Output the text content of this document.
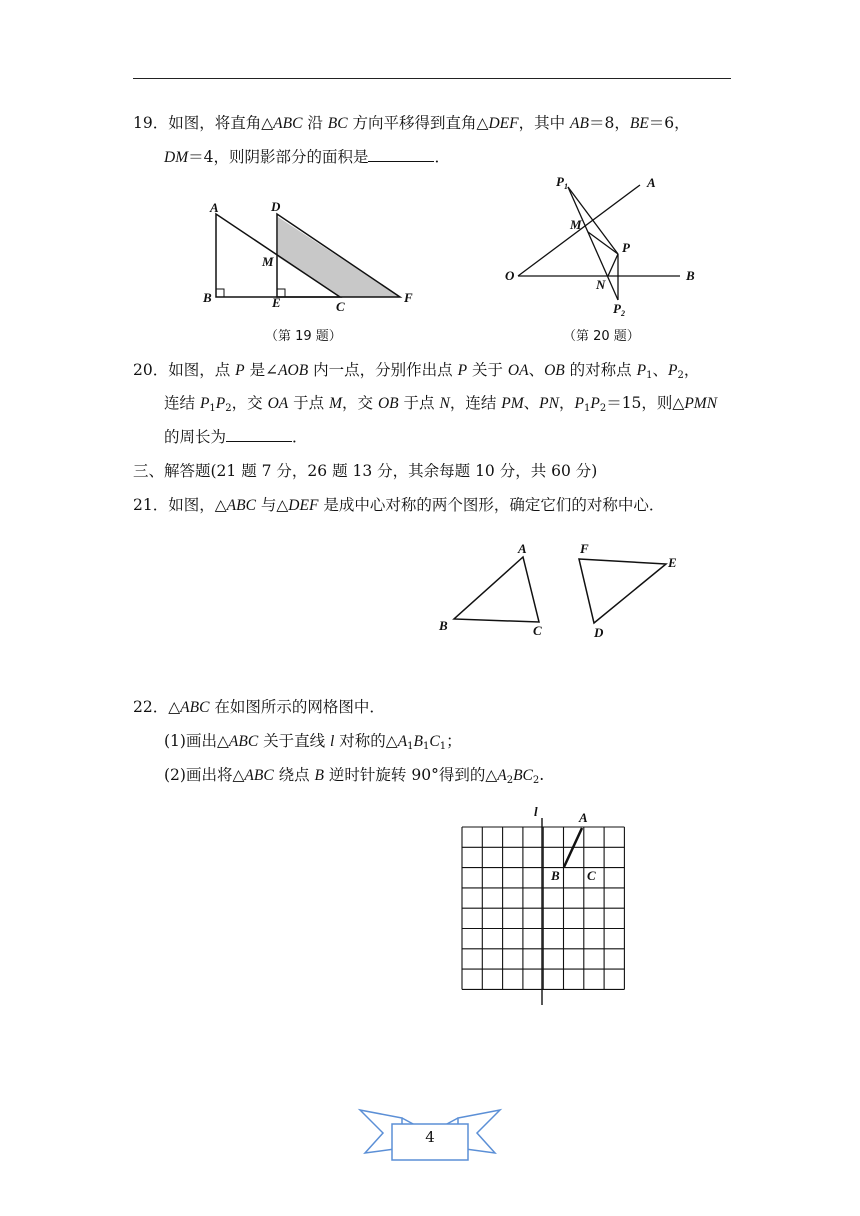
19．如图，将直角△ABC 沿 BC 方向平移得到直角△DEF，其中 AB＝8，BE＝6，
DM＝4，则阴影部分的面积是	．
20．如图，点 P 是∠AOB 内一点，分别作出点 P 关于 OA、OB 的对称点 $P_1$、$P_2$，
连结 $P_1P_2$，交 OA 于点 M，交 OB 于点 N，连结 PM、PN，$P_1P_2=15$，则△PMN
的周长为	．
三、解答题(21 题 7 分，26 题 13 分，其余每题 10 分，共 60 分)
21．如图，△ABC 与△DEF 是成中心对称的两个图形，确定它们的对称中心．
22．△ABC 在如图所示的网格图中．
(1)画出△ABC 关于直线 l 对称的$\triangle A_1B_1C_1$；
(2)画出将△ABC 绕点 B 逆时针旋转 90°得到的$\triangle A_2BC_2$.
A	D
M
B	E	C
F
（第 19 题）
$P_1$	A
M
P
O
N
B
$P_2$
（第 20 题）
A
B	C
F
E
D
l	A
B C
4
